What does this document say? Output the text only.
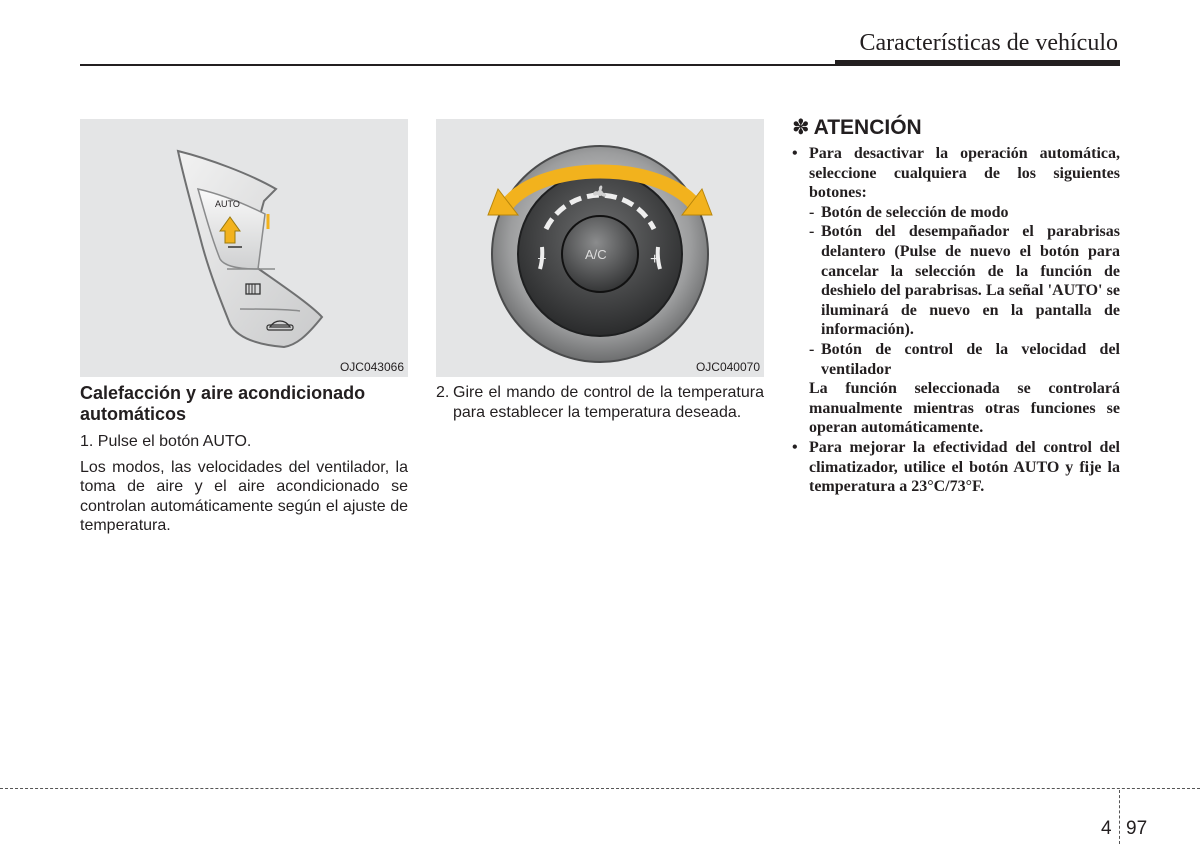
Características de vehículo
AUTO
OJC043066
A/C
–	+
OJC040070
Calefacción y aire acondicionado automáticos
1. Pulse el botón AUTO.
Los modos, las velocidades del ventilador, la toma de aire y el aire acondicionado se controlan automáticamente según el ajuste de temperatura.
2. Gire el mando de control de la temperatura para establecer la temperatura deseada.
✽ ATENCIÓN
• Para desactivar la operación automática, seleccione cualquiera de los siguientes botones:
- Botón de selección de modo
- Botón del desempañador el parabrisas delantero (Pulse de nuevo el botón para cancelar la selección de la función de deshielo del parabrisas. La señal 'AUTO' se iluminará de nuevo en la pantalla de información).
- Botón de control de la velocidad del ventilador
La función seleccionada se controlará manualmente mientras otras funciones se operan automáticamente.
• Para mejorar la efectividad del control del climatizador, utilice el botón AUTO y fije la temperatura a 23°C/73°F.
4 97
